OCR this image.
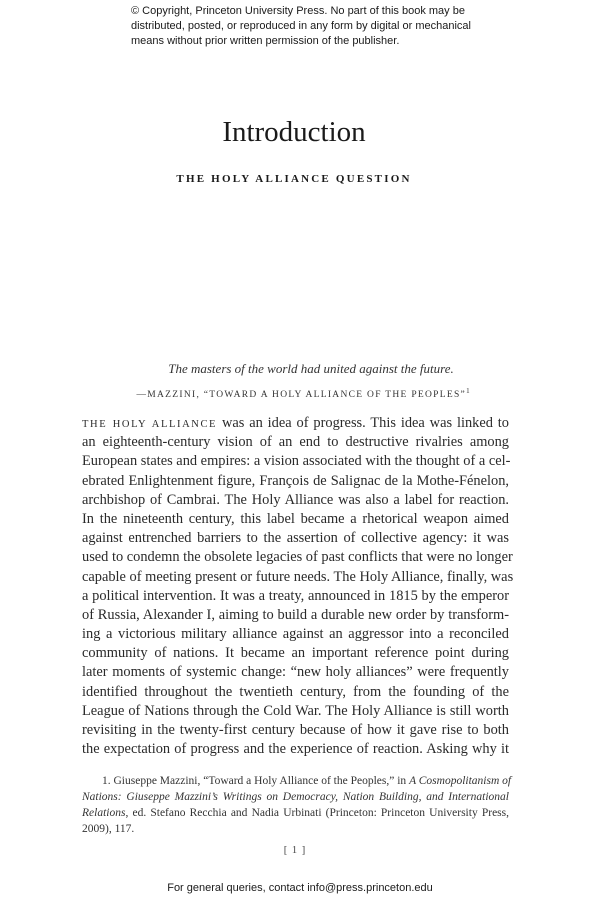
© Copyright, Princeton University Press. No part of this book may be
distributed, posted, or reproduced in any form by digital or mechanical
means without prior written permission of the publisher.
Introduction
THE HOLY ALLIANCE QUESTION
The masters of the world had united against the future.
—MAZZINI, “TOWARD A HOLY ALLIANCE OF THE PEOPLES”$^1$
THE HOLY ALLIANCE was an idea of progress. This idea was linked to
an eighteenth-century vision of an end to destructive rivalries among
European states and empires: a vision associated with the thought of a cel-
ebrated Enlightenment figure, François de Salignac de la Mothe-Fénelon,
archbishop of Cambrai. The Holy Alliance was also a label for reaction.
In the nineteenth century, this label became a rhetorical weapon aimed
against entrenched barriers to the assertion of collective agency: it was
used to condemn the obsolete legacies of past conflicts that were no longer
capable of meeting present or future needs. The Holy Alliance, finally, was
a political intervention. It was a treaty, announced in 1815 by the emperor
of Russia, Alexander I, aiming to build a durable new order by transform-
ing a victorious military alliance against an aggressor into a reconciled
community of nations. It became an important reference point during
later moments of systemic change: “new holy alliances” were frequently
identified throughout the twentieth century, from the founding of the
League of Nations through the Cold War. The Holy Alliance is still worth
revisiting in the twenty-first century because of how it gave rise to both
the expectation of progress and the experience of reaction. Asking why it
1. Giuseppe Mazzini, “Toward a Holy Alliance of the Peoples,” in A Cosmopolitanism of
Nations: Giuseppe Mazzini’s Writings on Democracy, Nation Building, and International
Relations, ed. Stefano Recchia and Nadia Urbinati (Princeton: Princeton University Press,
2009), 117.
[ 1 ]
For general queries, contact info@press.princeton.edu
